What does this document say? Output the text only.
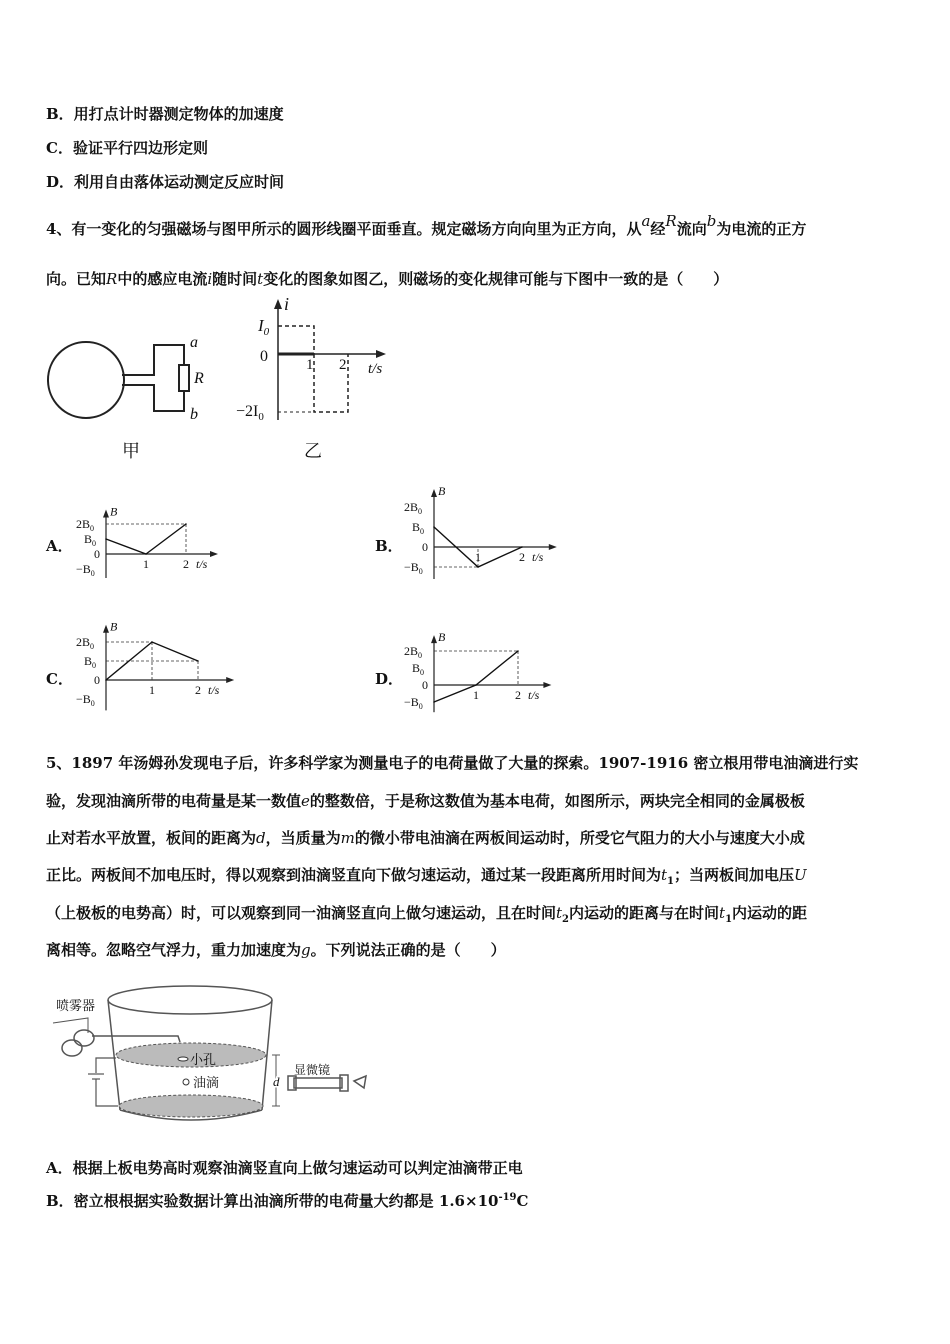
B．用打点计时器测定物体的加速度
C．验证平行四边形定则
D．利用自由落体运动测定反应时间
4、有一变化的匀强磁场与图甲所示的圆形线圈平面垂直。规定磁场方向向里为正方向，从a经R流向b为电流的正方
向。已知R中的感应电流i随时间t变化的图象如图乙，则磁场的变化规律可能与下图中一致的是（　　）
a
R
b
甲
i
$I_0$
0	1 2 t/s
$-2I_0$
乙
A．	B．
C．	D．
B
$2B_0$
$B_0$
0
$-B_0$
1	2 t/s
B
$2B_0$
$B_0$
0
$-B_0$
1	2 t/s
B
$2B_0$
$B_0$
0
$-B_0$
1	2 t/s
B
$2B_0$
$B_0$
0
$-B_0$
1	2 t/s
5、1897 年汤姆孙发现电子后，许多科学家为测量电子的电荷量做了大量的探索。1907-1916 密立根用带电油滴进行实
验，发现油滴所带的电荷量是某一数值e的整数倍，于是称这数值为基本电荷，如图所示，两块完全相同的金属极板
止对若水平放置，板间的距离为d，当质量为m的微小带电油滴在两板间运动时，所受它气阻力的大小与速度大小成
正比。两板间不加电压时，得以观察到油滴竖直向下做匀速运动，通过某一段距离所用时间为$t_1$；当两板间加电压U
（上极板的电势高）时，可以观察到同一油滴竖直向上做匀速运动，且在时间$t_2$内运动的距离与在时间$t_1$内运动的距
离相等。忽略空气浮力，重力加速度为g。下列说法正确的是（　　）
喷雾器
小孔
油滴	d
显微镜
A．根据上板电势高时观察油滴竖直向上做匀速运动可以判定油滴带正电
B．密立根根据实验数据计算出油滴所带的电荷量大约都是 $1.6\times 10^{-19}C$
